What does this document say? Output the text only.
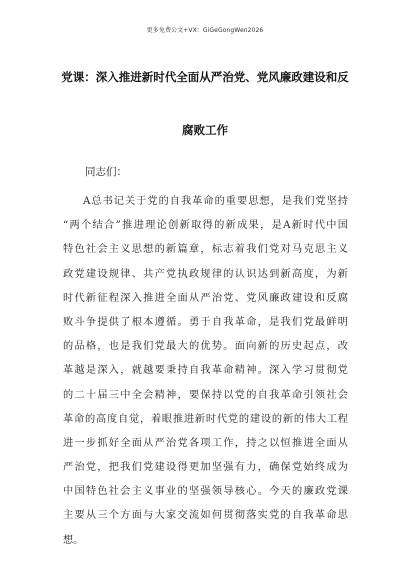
更多免费公文+VX：GiGeGongWen2026
党课：深入推进新时代全面从严治党、党风廉政建设和反
腐败工作
同志们：
A总书记关于党的自我革命的重要思想，是我们党坚持
“两个结合”推进理论创新取得的新成果，是A新时代中国
特色社会主义思想的新篇章，标志着我们党对马克思主义
政党建设规律、共产党执政规律的认识达到新高度，为新
时代新征程深入推进全面从严治党、党风廉政建设和反腐
败斗争提供了根本遵循。勇于自我革命，是我们党最鲜明
的品格，也是我们党最大的优势。面向新的历史起点，改
革越是深入，就越要秉持自我革命精神。深入学习贯彻党
的二十届三中全会精神，要保持以党的自我革命引领社会
革命的高度自觉，着眼推进新时代党的建设的新的伟大工程
进一步抓好全面从严治党各项工作，持之以恒推进全面从
严治党，把我们党建设得更加坚强有力，确保党始终成为
中国特色社会主义事业的坚强领导核心。今天的廉政党课
主要从三个方面与大家交流如何贯彻落实党的自我革命思
想。
